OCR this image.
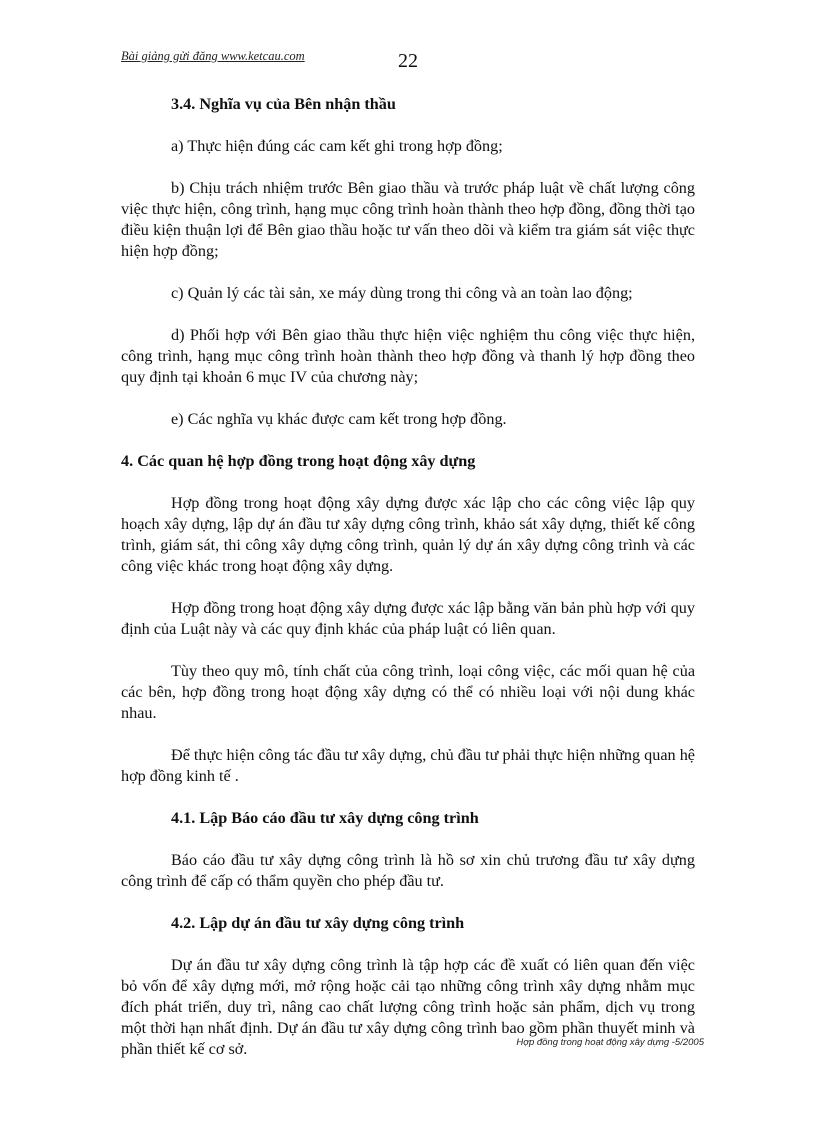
Bài giảng gửi đăng www.ketcau.com	22
3.4. Nghĩa vụ của Bên nhận thầu

a) Thực hiện đúng các cam kết ghi trong hợp đồng;

b) Chịu trách nhiệm trước Bên giao thầu và trước pháp luật về chất lượng công việc thực hiện, công trình, hạng mục công trình hoàn thành theo hợp đồng, đồng thời tạo điều kiện thuận lợi để Bên giao thầu hoặc tư vấn theo dõi và kiểm tra giám sát việc thực hiện hợp đồng;

c) Quản lý các tài sản, xe máy dùng trong thi công và an toàn lao động;

d) Phối hợp với Bên giao thầu thực hiện việc nghiệm thu công việc thực hiện, công trình, hạng mục công trình hoàn thành theo hợp đồng và thanh lý hợp đồng theo quy định tại khoản 6 mục IV của chương này;

e) Các nghĩa vụ khác được cam kết trong hợp đồng.

4. Các quan hệ hợp đồng trong hoạt động xây dựng

Hợp đồng trong hoạt động xây dựng được xác lập cho các công việc lập quy hoạch xây dựng, lập dự án đầu tư xây dựng công trình, khảo sát xây dựng, thiết kế công trình, giám sát, thi công xây dựng công trình, quản lý dự án xây dựng công trình và các công việc khác trong hoạt động xây dựng.

Hợp đồng trong hoạt động xây dựng được xác lập bằng văn bản phù hợp với quy định của Luật này và các quy định khác của pháp luật có liên quan.

Tùy theo quy mô, tính chất của công trình, loại công việc, các mối quan hệ của các bên, hợp đồng trong hoạt động xây dựng có thể có nhiều loại với nội dung khác nhau.

Để thực hiện công tác đầu tư xây dựng, chủ đầu tư phải thực hiện những quan hệ hợp đồng kinh tế .

4.1. Lập Báo cáo đầu tư xây dựng công trình

Báo cáo đầu tư xây dựng công trình là hồ sơ xin chủ trương đầu tư xây dựng công trình để cấp có thẩm quyền cho phép đầu tư.

4.2. Lập dự án đầu tư xây dựng công trình

Dự án đầu tư xây dựng công trình là tập hợp các đề xuất có liên quan đến việc bỏ vốn để xây dựng mới, mở rộng hoặc cải tạo những công trình xây dựng nhằm mục đích phát triển, duy trì, nâng cao chất lượng công trình hoặc sản phẩm, dịch vụ trong một thời hạn nhất định. Dự án đầu tư xây dựng công trình bao gồm phần thuyết minh và phần thiết kế cơ sở.	Hợp đồng trong hoạt động xây dựng -5/2005
